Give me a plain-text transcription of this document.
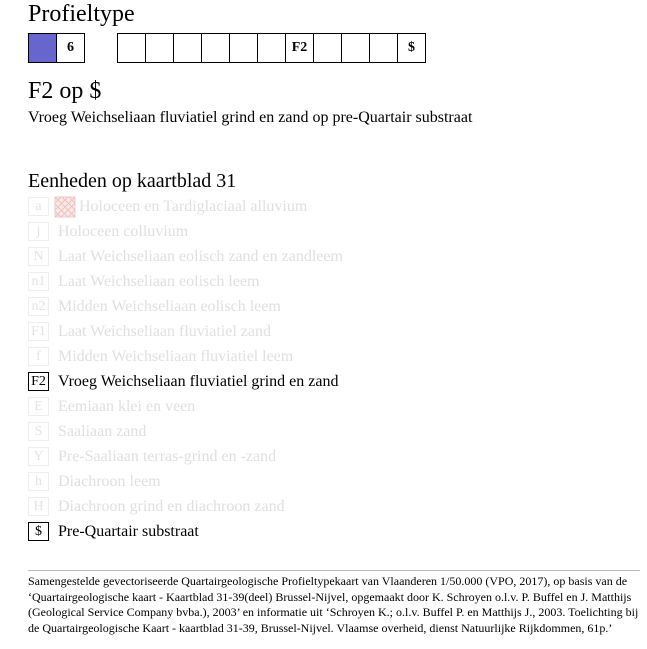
Profieltype
6	F2	$
F2 op $
Vroeg Weichseliaan fluviatiel grind en zand op pre-Quartair substraat
Eenheden op kaartblad 31
a	Holoceen en Tardiglaciaal alluvium
j	Holoceen colluvium
N Laat Weichseliaan eolisch zand en zandleem
n1 Laat Weichseliaan eolisch leem
n2 Midden Weichseliaan eolisch leem
F1 Laat Weichseliaan fluviatiel zand
f	Midden Weichseliaan fluviatiel leem
F2 Vroeg Weichseliaan fluviatiel grind en zand
E Eemiaan klei en veen
S Saaliaan zand
Y Pre-Saaliaan terras-grind en -zand
h	Diachroon leem
H Diachroon grind en diachroon zand
$	Pre-Quartair substraat
Samengestelde gevectoriseerde Quartairgeologische Profieltypekaart van Vlaanderen 1/50.000 (VPO, 2017), op basis van de ‘Quartairgeologische kaart - Kaartblad 31-39(deel) Brussel-Nijvel, opgemaakt door K. Schroyen o.l.v. P. Buffel en J. Matthijs (Geological Service Company bvba.), 2003’ en informatie uit ‘Schroyen K.; o.l.v. Buffel P. en Matthijs J., 2003. Toelichting bij de Quartairgeologische Kaart - kaartblad 31-39, Brussel-Nijvel. Vlaamse overheid, dienst Natuurlijke Rijkdommen, 61p.’
